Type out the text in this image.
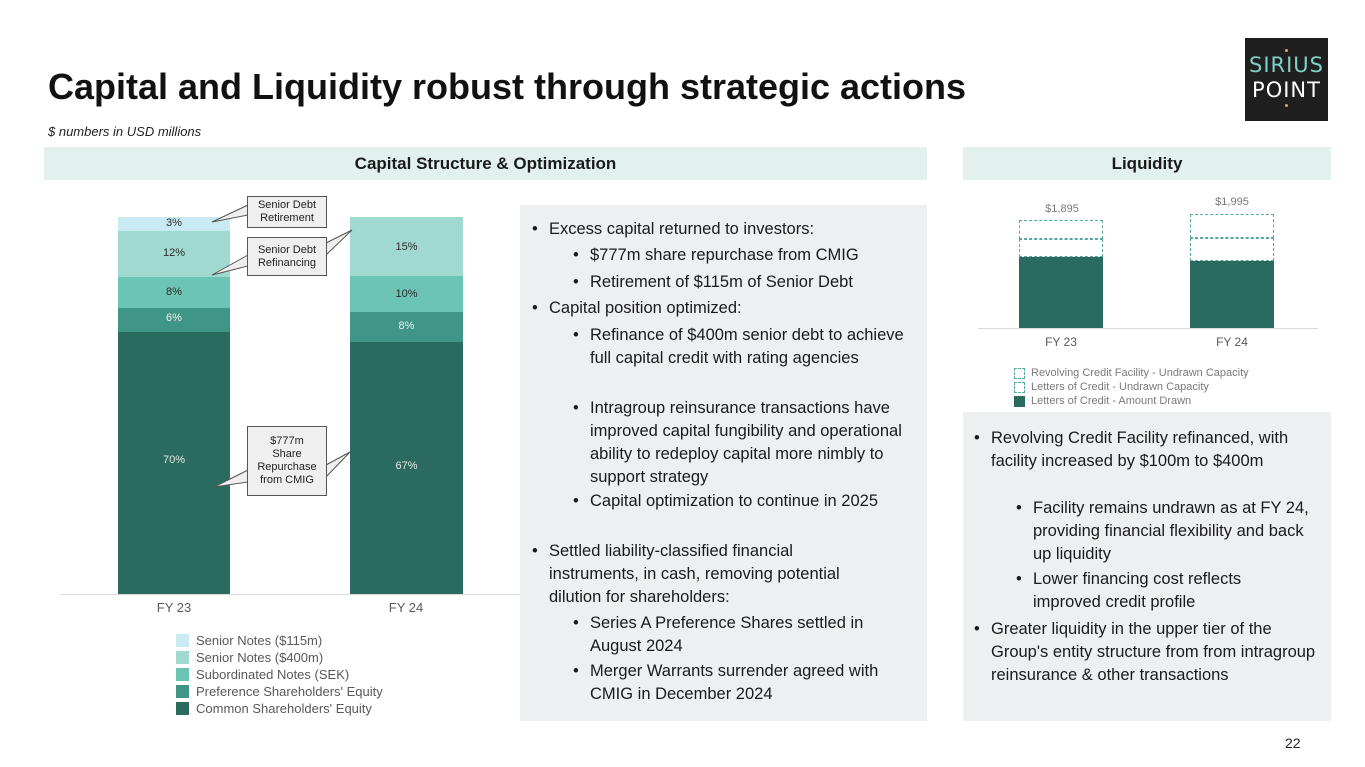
Capital and Liquidity robust through strategic actions
$ numbers in USD millions
SIRIUS
POINT
Capital Structure & Optimization	Liquidity
70%
6%
8%
12%
3%
67%
8%
10%
15%
FY 23	FY 24
Senior Debt Retirement
Senior Debt Refinancing
$777m Share Repurchase from CMIG
Senior Notes ($115m)
Senior Notes ($400m)
Subordinated Notes (SEK)
Preference Shareholders' Equity
Common Shareholders' Equity
• Excess capital returned to investors:
• $777m share repurchase from CMIG
• Retirement of $115m of Senior Debt
• Capital position optimized:
• Refinance of $400m senior debt to achieve full capital credit with rating agencies
• Intragroup reinsurance transactions have improved capital fungibility and operational ability to redeploy capital more nimbly to support strategy
• Capital optimization to continue in 2025
• Settled liability-classified financial instruments, in cash, removing potential dilution for shareholders:
• Series A Preference Shares settled in August 2024
• Merger Warrants surrender agreed with CMIG in December 2024
$1,895
$1,995
FY 23	FY 24
Revolving Credit Facility - Undrawn Capacity
Letters of Credit - Undrawn Capacity
Letters of Credit - Amount Drawn
• Revolving Credit Facility refinanced, with facility increased by $100m to $400m
• Facility remains undrawn as at FY 24, providing financial flexibility and back up liquidity
• Lower financing cost reflects improved credit profile
• Greater liquidity in the upper tier of the Group's entity structure from from intragroup reinsurance & other transactions
22
